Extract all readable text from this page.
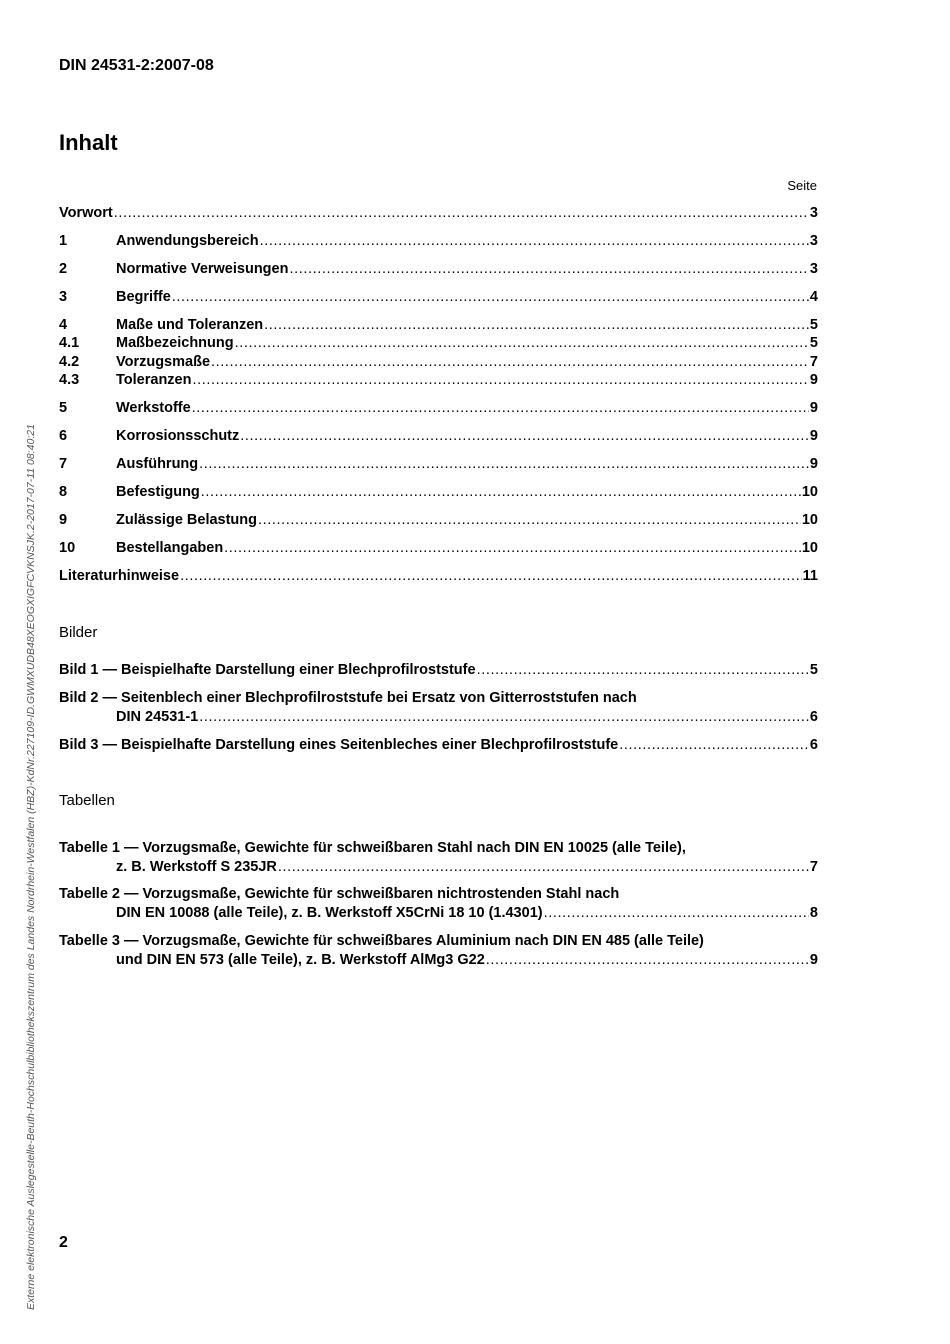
DIN 24531-2:2007-08
Inhalt
Seite
Vorwort .....	3
1	Anwendungsbereich .....	3
2	Normative Verweisungen .....	3
3	Begriffe .....	4
4	Maße und Toleranzen .....	5
4.1	Maßbezeichnung .....	5
4.2	Vorzugsmaße .....	7
4.3	Toleranzen .....	9
5	Werkstoffe .....	9
6	Korrosionsschutz .....	9
7	Ausführung .....	9
8	Befestigung .....	10
9	Zulässige Belastung .....	10
10	Bestellangaben .....	10
Literaturhinweise .....	11
Bilder
Bild 1 — Beispielhafte Darstellung einer Blechprofilroststufe .....	5
Bild 2 — Seitenblech einer Blechprofilroststufe bei Ersatz von Gitterroststufen nach
DIN 24531-1 .....	6
Bild 3 — Beispielhafte Darstellung eines Seitenbleches einer Blechprofilroststufe .....	6
Tabellen
Tabelle 1 — Vorzugsmaße, Gewichte für schweißbaren Stahl nach DIN EN 10025 (alle Teile),
z. B. Werkstoff S 235JR .....	7
Tabelle 2 — Vorzugsmaße, Gewichte für schweißbaren nichtrostenden Stahl nach
DIN EN 10088 (alle Teile), z. B. Werkstoff X5CrNi 18 10 (1.4301) .....	8
Tabelle 3 — Vorzugsmaße, Gewichte für schweißbares Aluminium nach DIN EN 485 (alle Teile)
und DIN EN 573 (alle Teile), z. B. Werkstoff AlMg3 G22 .....	9
2
Externe elektronische Auslegestelle-Beuth-Hochschulbibliothekszentrum des Landes Nordrhein-Westfalen (HBZ)-KdNr.227109-ID.GWMXUDB48XEOGXIGFCVKNSJK.2-2017-07-11 08:40:21
